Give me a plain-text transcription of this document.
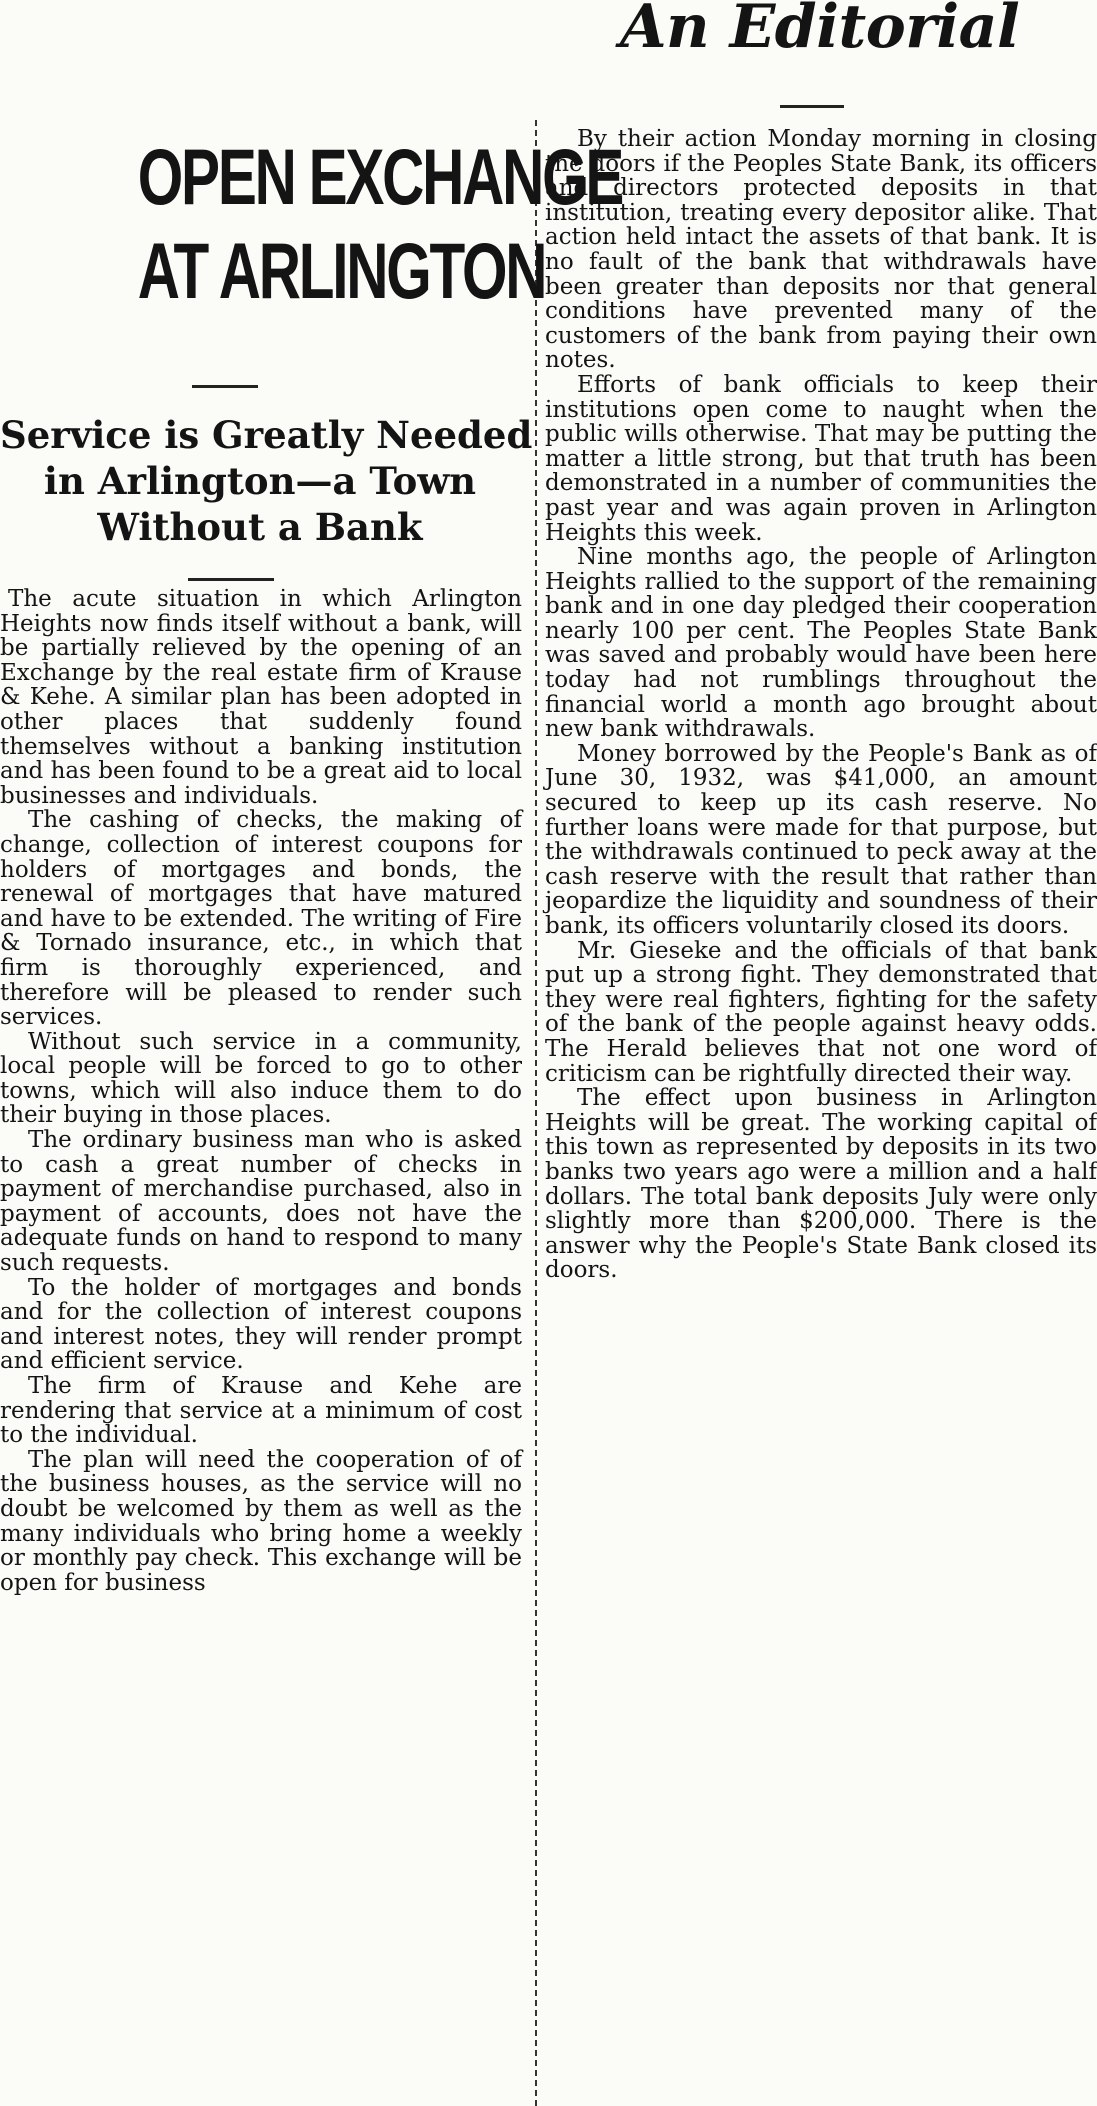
An Editorial
OPEN EXCHANGE
AT ARLINGTON
Service is Greatly Needed
in Arlington—a Town
Without a Bank

The acute situation in which Arlington Heights now finds itself without a bank, will be partially relieved by the opening of an Exchange by the real estate firm of Krause & Kehe. A similar plan has been adopted in other places that suddenly found themselves without a banking institution and has been found to be a great aid to local businesses and individuals.

The cashing of checks, the making of change, collection of interest coupons for holders of mortgages and bonds, the renewal of mortgages that have matured and have to be extended. The writing of Fire & Tornado insurance, etc., in which that firm is thoroughly experienced, and therefore will be pleased to render such services.

Without such service in a community, local people will be forced to go to other towns, which will also induce them to do their buying in those places.

The ordinary business man who is asked to cash a great number of checks in payment of merchandise purchased, also in payment of accounts, does not have the adequate funds on hand to respond to many such requests.

To the holder of mortgages and bonds and for the collection of interest coupons and interest notes, they will render prompt and efficient service.

The firm of Krause and Kehe are rendering that service at a minimum of cost to the individual.

The plan will need the cooperation of of the business houses, as the service will no doubt be welcomed by them as well as the many individuals who bring home a weekly or monthly pay check. This exchange will be open for business

By their action Monday morning in closing the doors if the Peoples State Bank, its officers and directors protected deposits in that institution, treating every depositor alike. That action held intact the assets of that bank. It is no fault of the bank that withdrawals have been greater than deposits nor that general conditions have prevented many of the customers of the bank from paying their own notes.

Efforts of bank officials to keep their institutions open come to naught when the public wills otherwise. That may be putting the matter a little strong, but that truth has been demonstrated in a number of communities the past year and was again proven in Arlington Heights this week.

Nine months ago, the people of Arlington Heights rallied to the support of the remaining bank and in one day pledged their cooperation nearly 100 per cent. The Peoples State Bank was saved and probably would have been here today had not rumblings throughout the financial world a month ago brought about new bank withdrawals.

Money borrowed by the People's Bank as of June 30, 1932, was $41,000, an amount secured to keep up its cash reserve. No further loans were made for that purpose, but the withdrawals continued to peck away at the cash reserve with the result that rather than jeopardize the liquidity and soundness of their bank, its officers voluntarily closed its doors.

Mr. Gieseke and the officials of that bank put up a strong fight. They demonstrated that they were real fighters, fighting for the safety of the bank of the people against heavy odds. The Herald believes that not one word of criticism can be rightfully directed their way.

The effect upon business in Arlington Heights will be great. The working capital of this town as represented by deposits in its two banks two years ago were a million and a half dollars. The total bank deposits July were only slightly more than $200,000. There is the answer why the People's State Bank closed its doors.
